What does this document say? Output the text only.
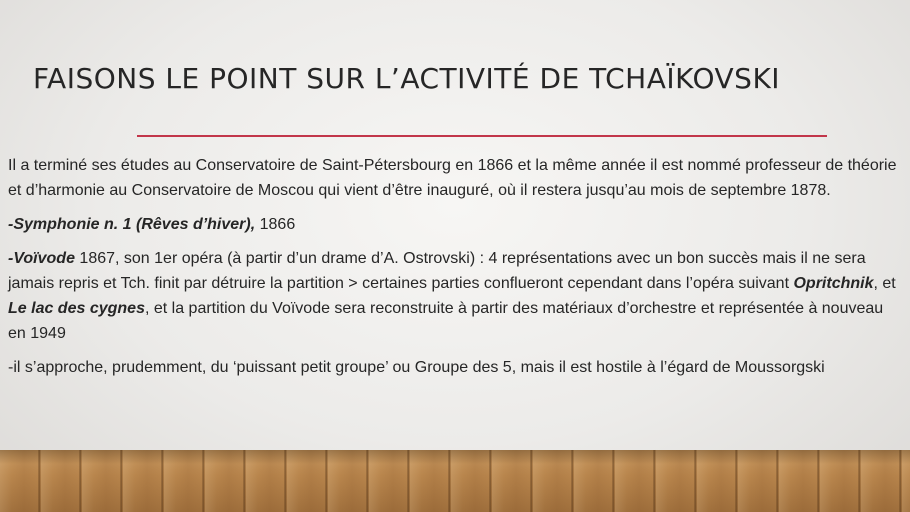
FAISONS LE POINT SUR L’ACTIVITÉ DE TCHAÏKOVSKI

Il a terminé ses études au Conservatoire de Saint-Pétersbourg en 1866 et la même année il est nommé professeur de théorie et d’harmonie au Conservatoire de Moscou qui vient d’être inauguré, où il restera jusqu’au mois de septembre 1878.

-Symphonie n. 1 (Rêves d’hiver), 1866

-Voïvode 1867, son 1er opéra (à partir d’un drame d’A. Ostrovski) : 4 représentations avec un bon succès mais il ne sera jamais repris et Tch. finit par détruire la partition > certaines parties conflueront cependant dans l’opéra suivant Opritchnik, et Le lac des cygnes, et la partition du Voïvode sera reconstruite à partir des matériaux d’orchestre et représentée à nouveau en 1949

-il s’approche, prudemment, du ‘puissant petit groupe’ ou Groupe des 5, mais il est hostile à l’égard de Moussorgski
